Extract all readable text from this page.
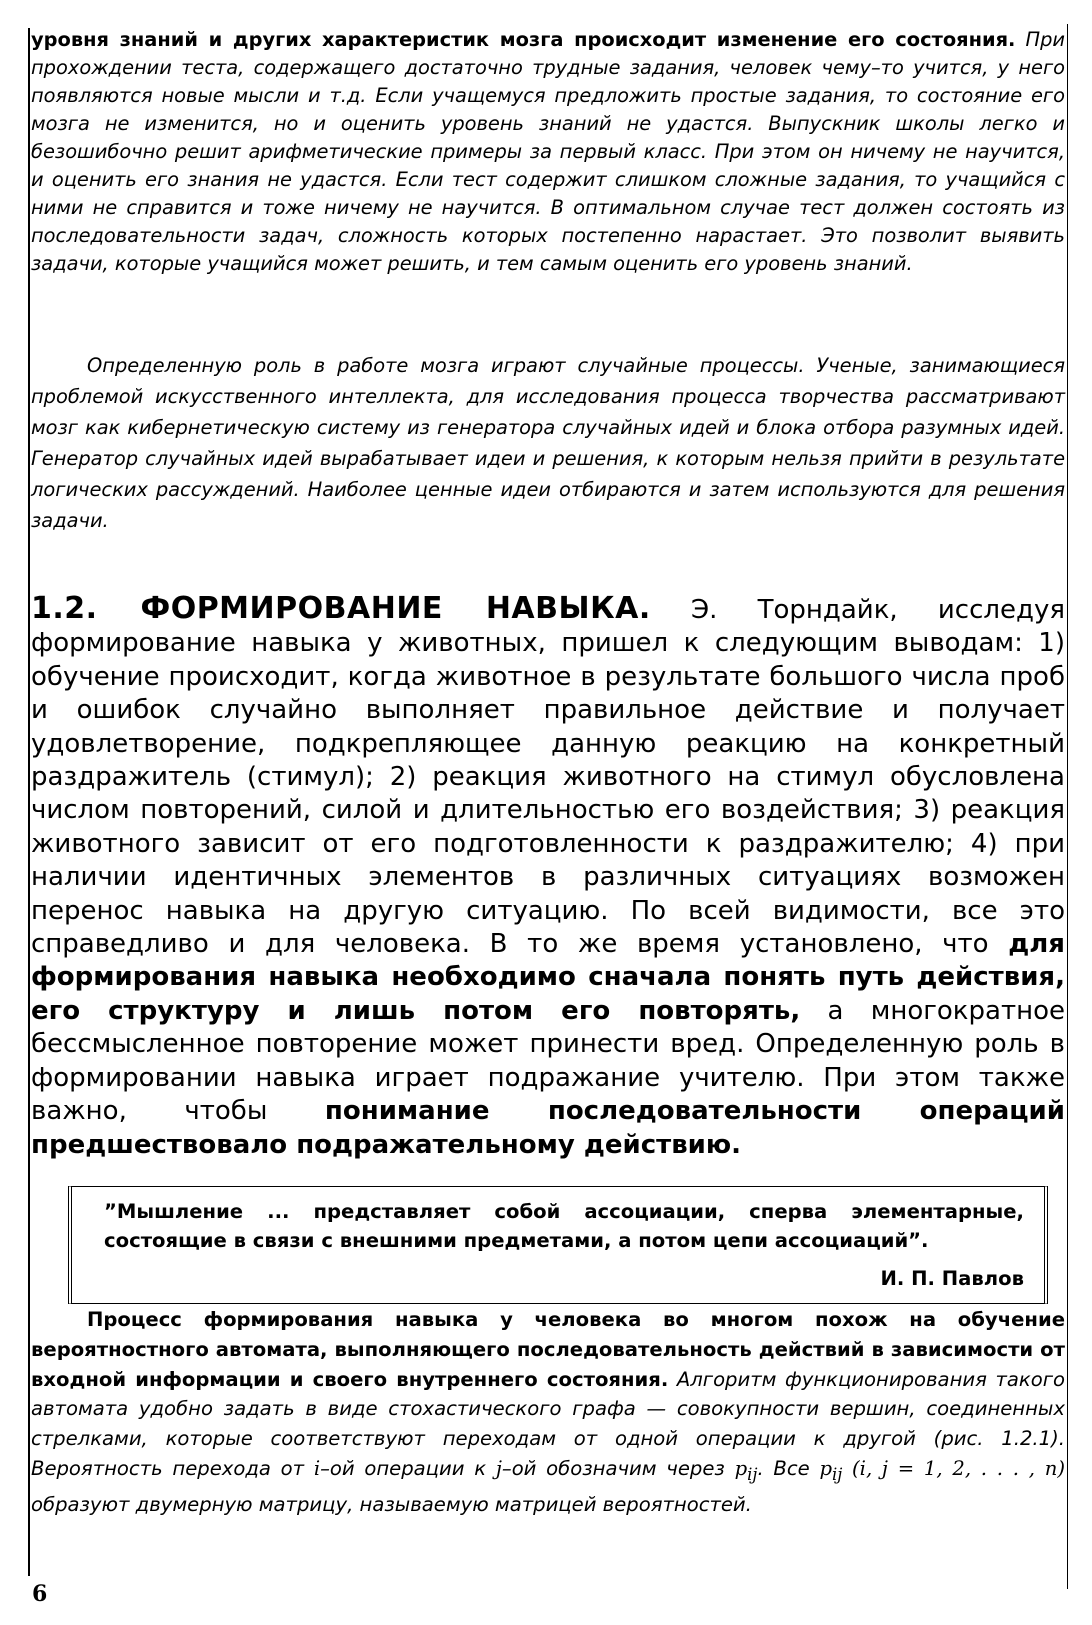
уровня знаний и других характеристик мозга происходит изменение его состояния. При прохождении теста, содержащего достаточно трудные задания, человек чему–то учится, у него появляются новые мысли и т.д. Если учащемуся предложить простые задания, то состояние его мозга не изменится, но и оценить уровень знаний не удастся. Выпускник школы легко и безошибочно решит арифметические примеры за первый класс. При этом он ничему не научится, и оценить его знания не удастся. Если тест содержит слишком сложные задания, то учащийся с ними не справится и тоже ничему не научится. В оптимальном случае тест должен состоять из последовательности задач, сложность которых постепенно нарастает. Это позволит выявить задачи, которые учащийся может решить, и тем самым оценить его уровень знаний.
Определенную роль в работе мозга играют случайные процессы. Ученые, занимающиеся проблемой искусственного интеллекта, для исследования процесса творчества рассматривают мозг как кибернетическую систему из генератора случайных идей и блока отбора разумных идей. Генератор случайных идей вырабатывает идеи и решения, к которым нельзя прийти в результате логических рассуждений. Наиболее ценные идеи отбираются и затем используются для решения задачи.
1.2. ФОРМИРОВАНИЕ НАВЫКА. Э. Торндайк, исследуя формирование навыка у животных, пришел к следующим выводам: 1) обучение происходит, когда животное в результате большого числа проб и ошибок случайно выполняет правильное действие и получает удовлетворение, подкрепляющее данную реакцию на конкретный раздражитель (стимул); 2) реакция животного на стимул обусловлена числом повторений, силой и длительностью его воздействия; 3) реакция животного зависит от его подготовленности к раздражителю; 4) при наличии идентичных элементов в различных ситуациях возможен перенос навыка на другую ситуацию. По всей видимости, все это справедливо и для человека. В то же время установлено, что для формирования навыка необходимо сначала понять путь действия, его структуру и лишь потом его повторять, а многократное бессмысленное повторение может принести вред. Определенную роль в формировании навыка играет подражание учителю. При этом также важно, чтобы понимание последовательности операций предшествовало подражательному действию.
”Мышление ... представляет собой ассоциации, сперва элементарные, состоящие в связи с внешними предметами, а потом цепи ассоциаций”.
И. П. Павлов
Процесс формирования навыка у человека во многом похож на обучение вероятностного автомата, выполняющего последовательность действий в зависимости от входной информации и своего внутреннего состояния. Алгоритм функционирования такого автомата удобно задать в виде стохастического графа — совокупности вершин, соединенных стрелками, которые соответствуют переходам от одной операции к другой (рис. 1.2.1). Вероятность перехода от i–ой операции к j–ой обозначим через $p_{ij}$. Все $p_{ij}$ (i, j = 1, 2, . . . , n) образуют двумерную матрицу, называемую матрицей вероятностей.
6
